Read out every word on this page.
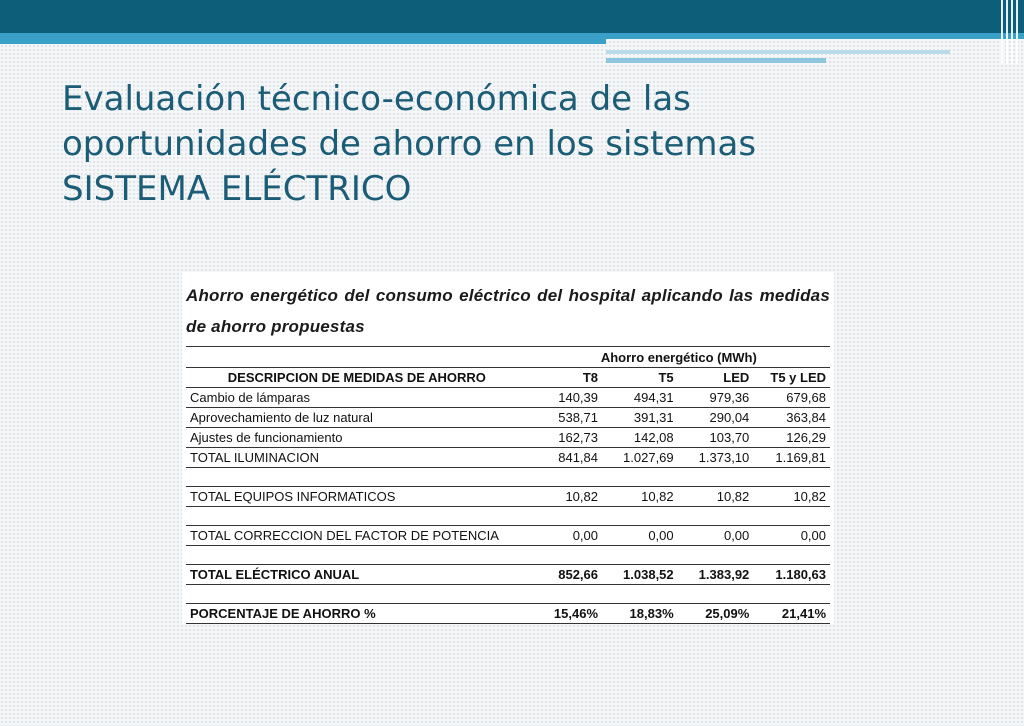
Evaluación técnico-económica de las
oportunidades de ahorro en los sistemas
SISTEMA ELÉCTRICO

Ahorro energético del consumo eléctrico del hospital aplicando las medidas de ahorro propuestas

	Ahorro energético (MWh)			
DESCRIPCION DE MEDIDAS DE AHORRO	T8	T5	LED	T5 y LED
Cambio de lámparas	140,39	494,31	979,36	679,68
Aprovechamiento de luz natural	538,71	391,31	290,04	363,84
Ajustes de funcionamiento	162,73	142,08	103,70	126,29
TOTAL ILUMINACION	841,84	1.027,69	1.373,10	1.169,81

TOTAL EQUIPOS INFORMATICOS	10,82	10,82	10,82	10,82

TOTAL CORRECCION DEL FACTOR DE POTENCIA	0,00	0,00	0,00	0,00

TOTAL ELÉCTRICO ANUAL	852,66	1.038,52	1.383,92	1.180,63

PORCENTAJE DE AHORRO %	15,46%	18,83%	25,09%	21,41%
